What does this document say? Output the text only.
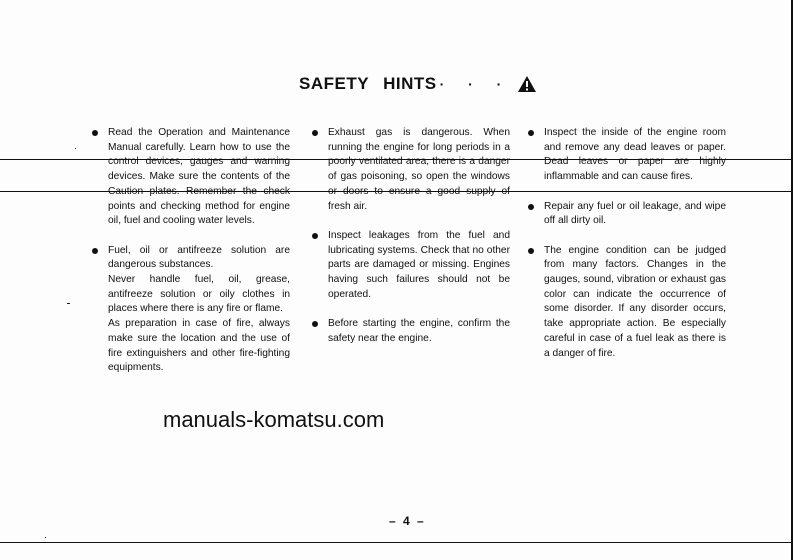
SAFETY HINTS · · ·

Read the Operation and Maintenance Manual carefully. Learn how to use the control devices, gauges and warning devices. Make sure the contents of the Caution plates. Remember the check points and checking method for engine oil, fuel and cooling water levels.

Fuel, oil or antifreeze solution are dangerous substances.

Never handle fuel, oil, grease, antifreeze solution or oily clothes in places where there is any fire or flame.

As preparation in case of fire, always make sure the location and the use of fire extinguishers and other fire-fighting equipments.

Exhaust gas is dangerous. When running the engine for long periods in a poorly ventilated area, there is a danger of gas poisoning, so open the windows or doors to ensure a good supply of fresh air.

Inspect leakages from the fuel and lubricating systems. Check that no other parts are damaged or missing. Engines having such failures should not be operated.

Before starting the engine, confirm the safety near the engine.

Inspect the inside of the engine room and remove any dead leaves or paper. Dead leaves or paper are highly inflammable and can cause fires.

Repair any fuel or oil leakage, and wipe off all dirty oil.

The engine condition can be judged from many factors. Changes in the gauges, sound, vibration or exhaust gas color can indicate the occurrence of some disorder. If any disorder occurs, take appropriate action. Be especially careful in case of a fuel leak as there is a danger of fire.

manuals-komatsu.com
– 4 –
